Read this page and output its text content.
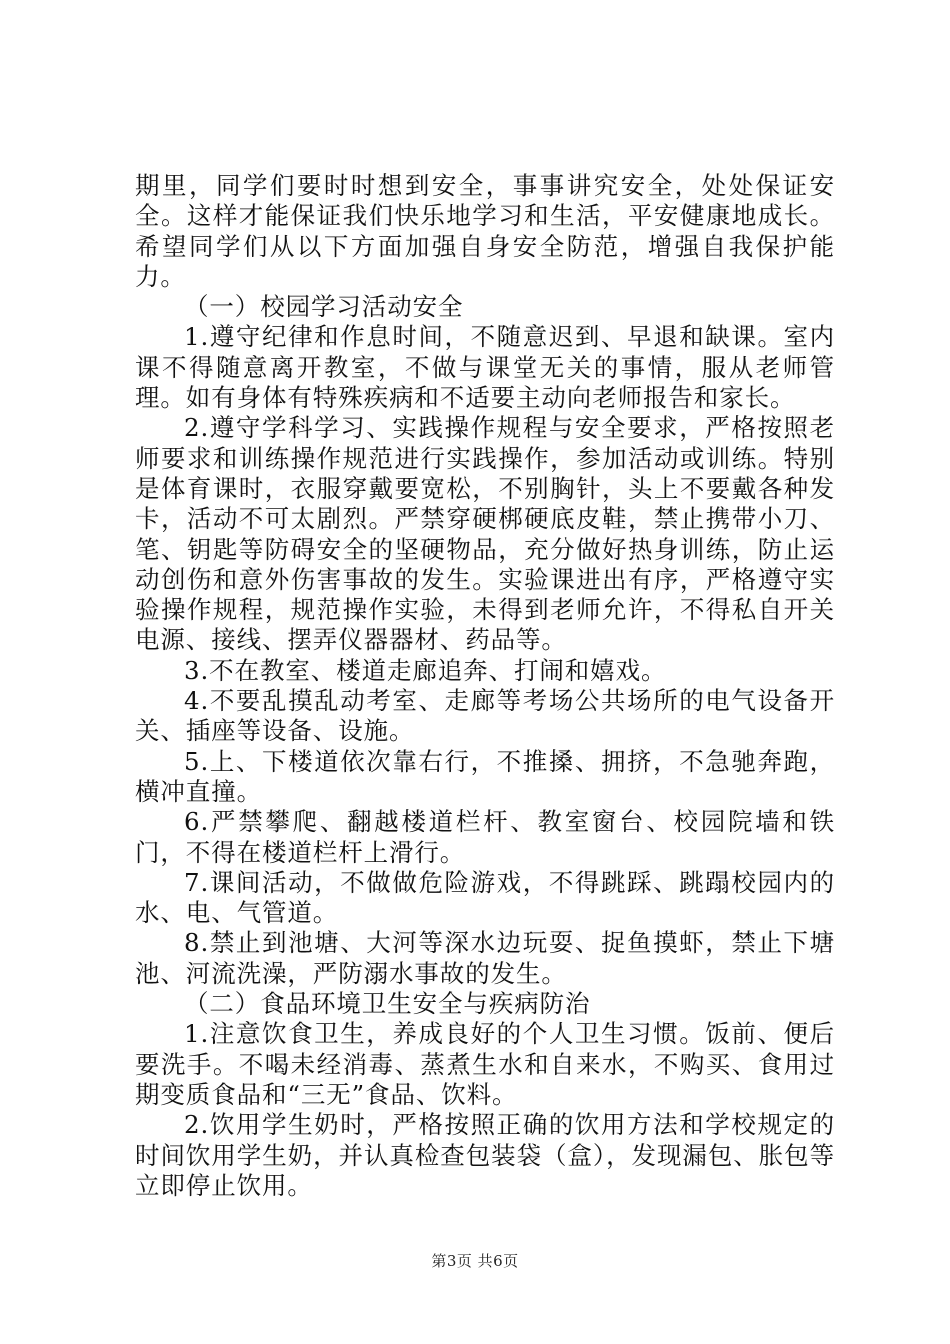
期里，同学们要时时想到安全，事事讲究安全，处处保证安全。这样才能保证我们快乐地学习和生活，平安健康地成长。希望同学们从以下方面加强自身安全防范，增强自我保护能力。

（一）校园学习活动安全

1.遵守纪律和作息时间，不随意迟到、早退和缺课。室内课不得随意离开教室，不做与课堂无关的事情，服从老师管理。如有身体有特殊疾病和不适要主动向老师报告和家长。

2.遵守学科学习、实践操作规程与安全要求，严格按照老师要求和训练操作规范进行实践操作，参加活动或训练。特别是体育课时，衣服穿戴要宽松，不别胸针，头上不要戴各种发卡，活动不可太剧烈。严禁穿硬梆硬底皮鞋，禁止携带小刀、笔、钥匙等防碍安全的坚硬物品，充分做好热身训练，防止运动创伤和意外伤害事故的发生。实验课进出有序，严格遵守实验操作规程，规范操作实验，未得到老师允许，不得私自开关电源、接线、摆弄仪器器材、药品等。

3.不在教室、楼道走廊追奔、打闹和嬉戏。

4.不要乱摸乱动考室、走廊等考场公共场所的电气设备开关、插座等设备、设施。

5.上、下楼道依次靠右行，不推搡、拥挤，不急驰奔跑，横冲直撞。

6.严禁攀爬、翻越楼道栏杆、教室窗台、校园院墙和铁门，不得在楼道栏杆上滑行。

7.课间活动，不做做危险游戏，不得跳踩、跳蹋校园内的水、电、气管道。

8.禁止到池塘、大河等深水边玩耍、捉鱼摸虾，禁止下塘池、河流洗澡，严防溺水事故的发生。

（二）食品环境卫生安全与疾病防治

1.注意饮食卫生，养成良好的个人卫生习惯。饭前、便后要洗手。不喝未经消毒、蒸煮生水和自来水，不购买、食用过期变质食品和“三无”食品、饮料。

2.饮用学生奶时，严格按照正确的饮用方法和学校规定的时间饮用学生奶，并认真检查包装袋（盒），发现漏包、胀包等立即停止饮用。

第3页 共6页
